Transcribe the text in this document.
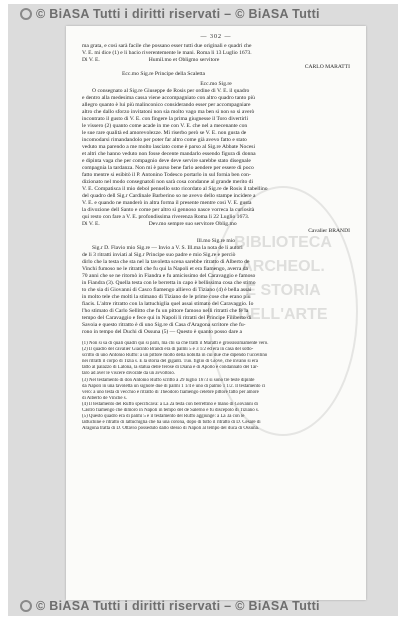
© BiASA Tutti i diritti riservati – © BiASA Tutti
BIBLIOTECA
ARCHEOL.
E STORIA
DELL'ARTE
— 302 —
ma grata, e così sarà facile che possano esser tutti due originali e quadri che
V. E. mi dice (1) e li bacio riverentemente le mani. Roma li 13 Luglio 1673.
Di V. E.                                   Humil.mo et Obligmo servitore
CARLO MARATTI
Ecc.mo Sig.re Principe della Scaletta
Ecc.mo Sig.re
O consegnato al Sig.re Giuseppe de Rosis per ordine di V. E. il quadro
e dentro alla medesima cassa viene accompagniato con altro quadro tanto più
allegro quanto è lui più malinconico considerando esser per accompagniare
altro che dallo sforzo invitatoni non sia molto vago ma ben sì non so si averò
incontrato il gusto di V. E. con fingere la prima giugnesse il Toro divertirli
le vissero (2) quanto come acade in me con V. E. che nel a mecenante con
le sue rare qualità ed amorevolezze. Mi riserbo però se V. E. non gusta de
incomodarsi rimandandolo per poter far altro come già avevo fatto e stato
veduto ma parendo a me molto lasciato come è parso al Sig.re Abbate Nocesi
et altri che hanno veduto non fosse decente mandarlo essendo figura di donna
e dipinta vaga che per compagnio deve deve servire sarebbe stato disegnale
compagnia la tardanza. Non mi è parso bene farlo aendere per essere di poco
fatto mentre si esibitò il P. Antonino Todesco portarlo in sul fornia ben con-
dizionato nel modo consegnatoli non sarà cosa condanne al grande merito di
V. E. Compatisca il mio debol pennello ssto ricordato al Sig.re de Rosis il tabellino
del quadro dell Sig.r Cardinale Barberino so ne avevo dello stampe incidere a
V. E. e quando ne manderò in altra forma il presente mentre così V. E. gusta
la divozione dell Santo e come per altro sì gennoso nasce vorreca la curiosità
qui resto con fare a V. E. profondissima riverenza Roma li 22 Luglio 1673.
Di V. E.                                   Dev.mo sempre suo servitore Oblig.mo
Cavalier BRANDI
Ill.mo Sig.re mio
Sig.r D. Flavio mio Sig.re — Invio a V. S. Ill.ma la nota de li autori
de li 3 ritratti inviati al Sig.r Principe suo padre e mio Sig.re e perciò
dirlo che la testa che sta nel la tavoletta scena sarebbe ritratto di Alberto de
Vinchi fumoso ne le ritratti che fu qui la Napoli et era fiamengo, averra da
70 anni che se ne ritornò in Fiandra e fu amicissimo del Caravaggio e famoso
in Fiandra (3). Quella testa con le berretta in capo è bellissima cosa che stimo
to che sia di Giovanni di Casco fiamengo allievo di Tiziano (4) è bella assai
in molto tele che molti la stimano di Tiziano de le prime cose che erano piu
fiacis. L'altre ritratto con la lattuchiglia quel assai stimato del Caravaggio. Io
l'ho stimato di Carlo Sellitto che fu un pittore famoso nelli ritratti che fe la
tempo del Caravaggio e fece qui in Napoli li ritratti del Principe Filiberto di
Savoia e questo ritratto è di uno Sig.re di Casa d'Aragona scritore che fu-
rono in tempo del Duchi di Ossuna (5) — Questo è quanto posso dare a
(1) Non si sa di quali quadri qui si parli, ma chi sa che tratti il Maratti è grossissimamente vero.
(2) Il quadro del cavalier Giacinto Brandi era di palmi 5 e 3 1/2 ed era in casa del sotto-
scritto di uno Antonio Ruffo: a un pittore molto della nobiltà in cui due che dipendo l'uccellino
nei ritratti il corpo di Tizia s. E la storia del giganti. Tuo. figlio di Giove, che invano si era
tatto al palazzo di Latona, la statua delle ferose di Diana e di Apollo e condannato del Tar-
taro ad aver le viscere divorate da un avvoltoio.
(3) Nel testamento di don Antonio Ruffo scritto a 29 luglio 1673 si sono tre teste dipinte
da Napoli in una tavoletta un signore due di palmi 1 1/4 e uno di palmo 1 1/2. Il testamento ci
vero: a uno testa di vecchio è ritratto di Theodoro fiamengo celebre pittore fatto per amore
di Alberto de Vinche s.
(4) Il testamento del Ruffo specificava: a La 2a testa con berrettino e mano di Giovanni di
Castro fiamengo che dimorò in Napoli in tempo del de Salerno e fu discepolo di Tiziano s.
(5) Questo quadro era di palmi 5 e il testamento del Ruffo aggiunge: a La 3a con le
lattuchine e ritratto di lattuchiglia che ha una corona, dopo di tutto il ritratto di D. Cesare di
Aragona tratta di D. Ottavio posseduto dallo stesso di Napoli al tempo del duca di Ossuna.
© BiASA Tutti i diritti riservati – © BiASA Tutti
